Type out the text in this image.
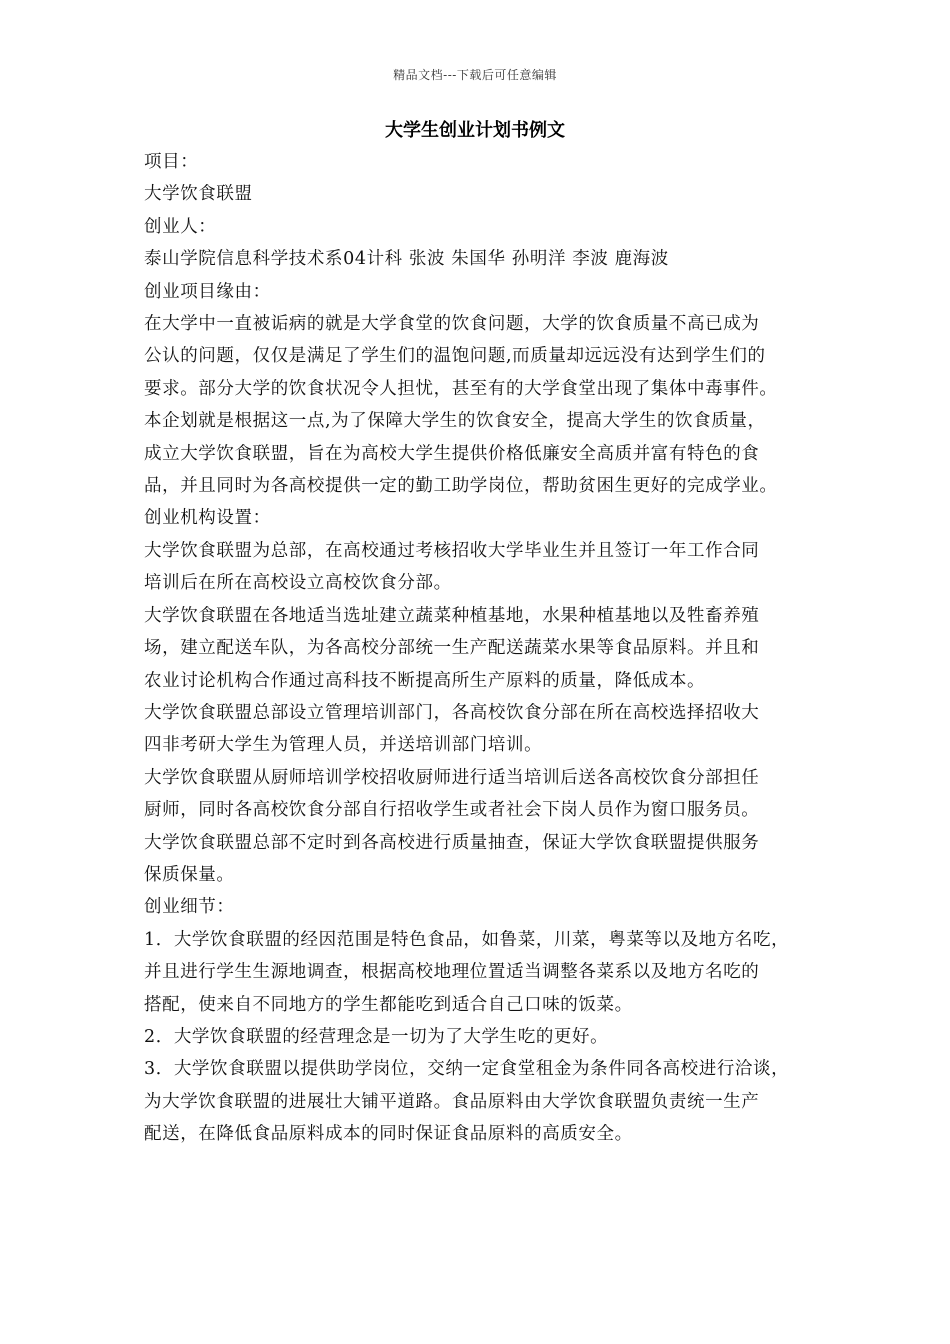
精品文档---下载后可任意编辑
大学生创业计划书例文

项目：

大学饮食联盟

创业人：

泰山学院信息科学技术系04计科 张波 朱国华 孙明洋 李波 鹿海波

创业项目缘由：

在大学中一直被诟病的就是大学食堂的饮食问题，大学的饮食质量不高已成为

公认的问题，仅仅是满足了学生们的温饱问题,而质量却远远没有达到学生们的

要求。部分大学的饮食状况令人担忧，甚至有的大学食堂出现了集体中毒事件。

本企划就是根据这一点,为了保障大学生的饮食安全，提高大学生的饮食质量，

成立大学饮食联盟，旨在为高校大学生提供价格低廉安全高质并富有特色的食

品，并且同时为各高校提供一定的勤工助学岗位，帮助贫困生更好的完成学业。

创业机构设置：

大学饮食联盟为总部，在高校通过考核招收大学毕业生并且签订一年工作合同

培训后在所在高校设立高校饮食分部。

大学饮食联盟在各地适当选址建立蔬菜种植基地，水果种植基地以及牲畜养殖

场，建立配送车队，为各高校分部统一生产配送蔬菜水果等食品原料。并且和

农业讨论机构合作通过高科技不断提高所生产原料的质量，降低成本。

大学饮食联盟总部设立管理培训部门，各高校饮食分部在所在高校选择招收大

四非考研大学生为管理人员，并送培训部门培训。

大学饮食联盟从厨师培训学校招收厨师进行适当培训后送各高校饮食分部担任

厨师，同时各高校饮食分部自行招收学生或者社会下岗人员作为窗口服务员。

大学饮食联盟总部不定时到各高校进行质量抽查，保证大学饮食联盟提供服务

保质保量。

创业细节：

1．大学饮食联盟的经因范围是特色食品，如鲁菜，川菜，粤菜等以及地方名吃，

并且进行学生生源地调查，根据高校地理位置适当调整各菜系以及地方名吃的

搭配，使来自不同地方的学生都能吃到适合自己口味的饭菜。

2．大学饮食联盟的经营理念是一切为了大学生吃的更好。

3．大学饮食联盟以提供助学岗位，交纳一定食堂租金为条件同各高校进行洽谈，

为大学饮食联盟的进展壮大铺平道路。食品原料由大学饮食联盟负责统一生产

配送，在降低食品原料成本的同时保证食品原料的高质安全。
